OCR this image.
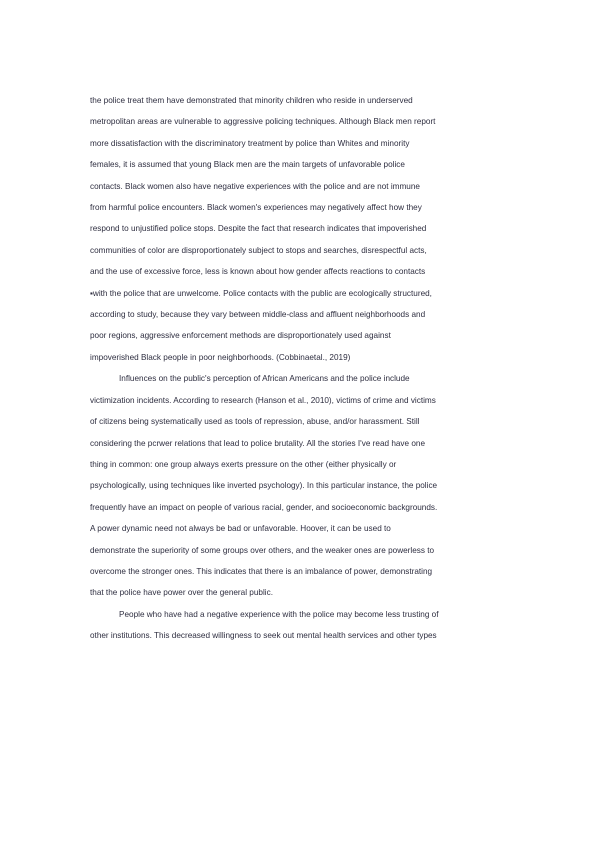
the police treat them have demonstrated that minority children who reside in underserved
metropolitan areas are vulnerable to aggressive policing techniques. Although Black men report
more dissatisfaction with the discriminatory treatment by police than Whites and minority
females, it is assumed that young Black men are the main targets of unfavorable police
contacts. Black women also have negative experiences with the police and are not immune
from harmful police encounters. Black women's experiences may negatively affect how they
respond to unjustified police stops. Despite the fact that research indicates that impoverished
communities of color are disproportionately subject to stops and searches, disrespectful acts,
and the use of excessive force, less is known about how gender affects reactions to contacts
▪with the police that are unwelcome. Police contacts with the public are ecologically structured,
according to study, because they vary between middle-class and affluent neighborhoods and
poor regions, aggressive enforcement methods are disproportionately used against
impoverished Black people in poor neighborhoods. (Cobbinaetal., 2019)
Influences on the public's perception of African Americans and the police include
victimization incidents. According to research (Hanson et al., 2010), victims of crime and victims
of citizens being systematically used as tools of repression, abuse, and/or harassment. Still
considering the pcrwer relations that lead to police brutality. All the stories I've read have one
thing in common: one group always exerts pressure on the other (either physically or
psychologically, using techniques like inverted psychology). In this particular instance, the police
frequently have an impact on people of various racial, gender, and socioeconomic backgrounds.
A power dynamic need not always be bad or unfavorable. Hoover, it can be used to
demonstrate the superiority of some groups over others, and the weaker ones are powerless to
overcome the stronger ones. This indicates that there is an imbalance of power, demonstrating
that the police have power over the general public.
People who have had a negative experience with the police may become less trusting of
other institutions. This decreased willingness to seek out mental health services and other types
